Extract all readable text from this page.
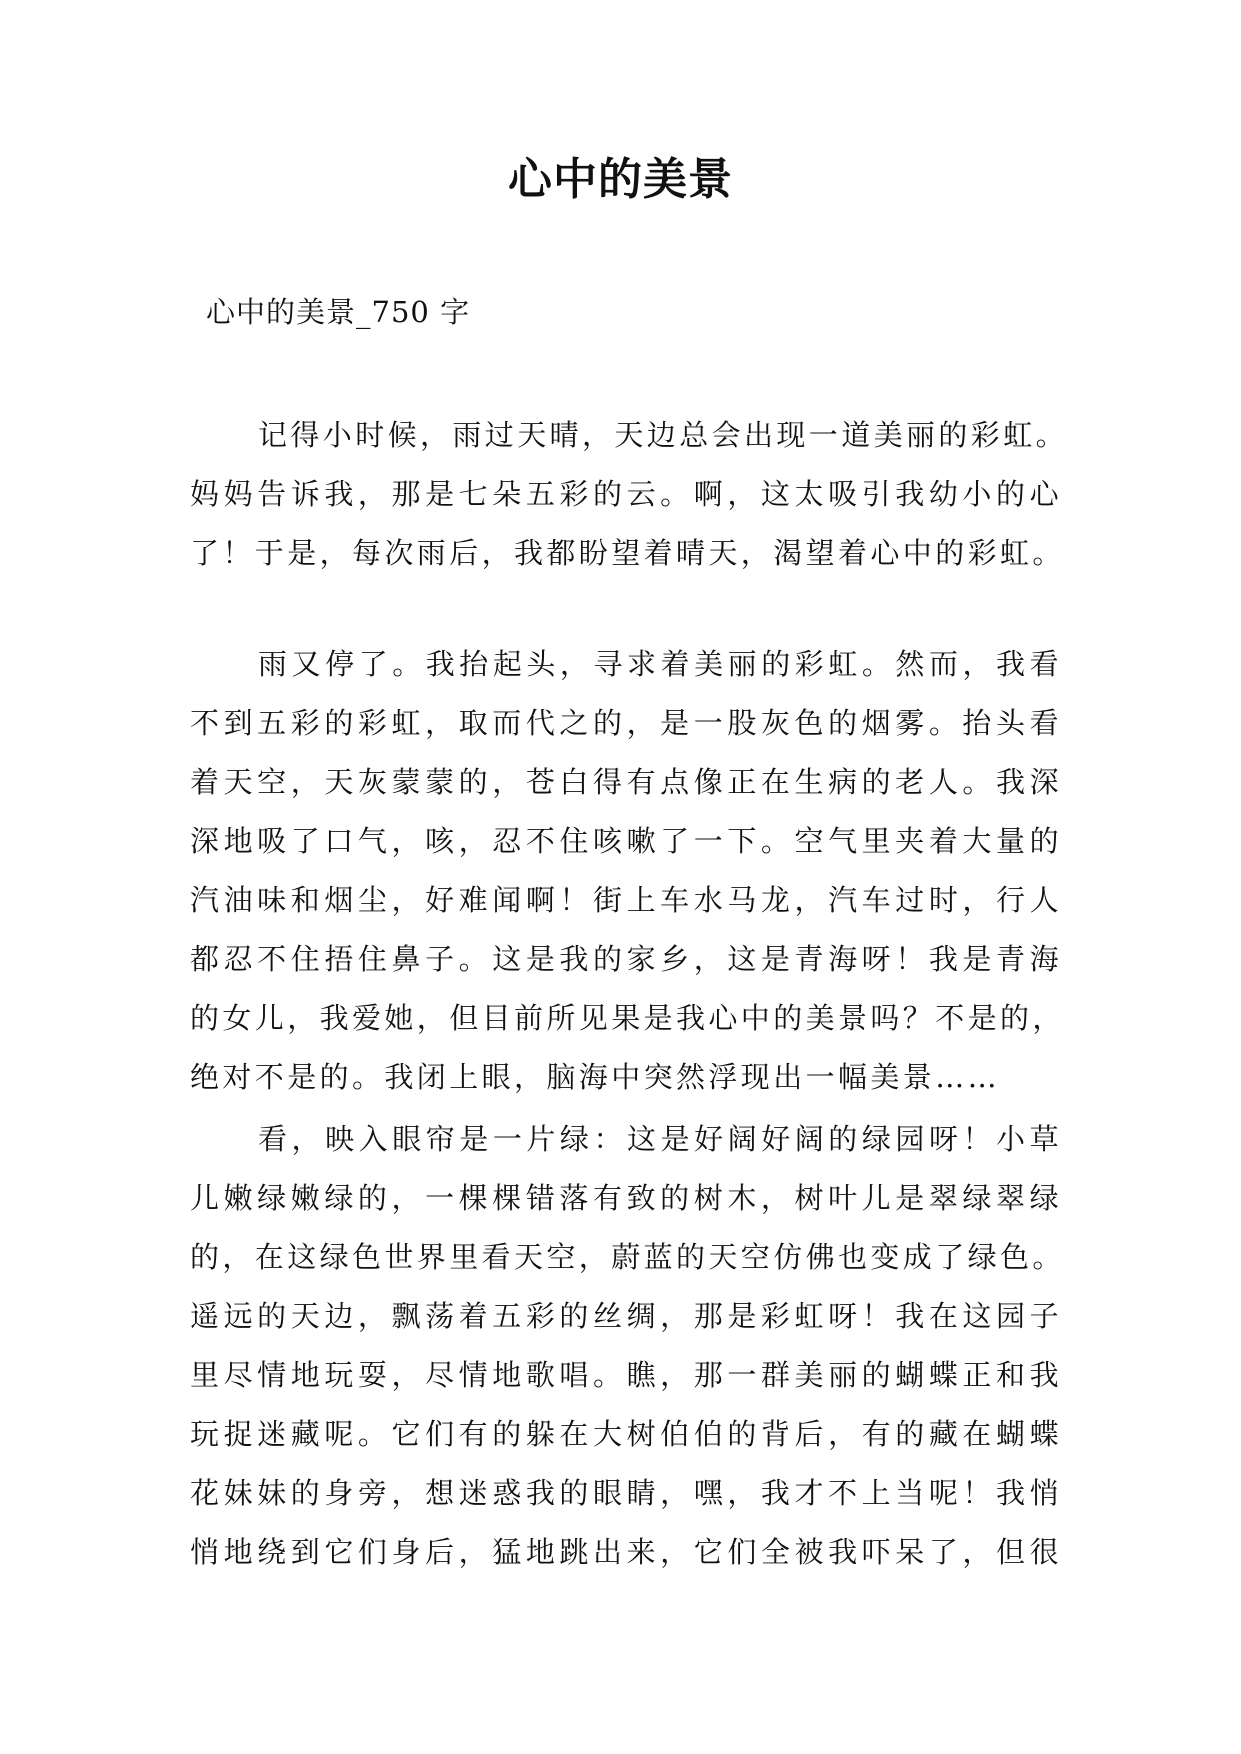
心中的美景
心中的美景_750 字
记得小时候，雨过天晴，天边总会出现一道美丽的彩虹。
妈妈告诉我，那是七朵五彩的云。啊，这太吸引我幼小的心
了！于是，每次雨后，我都盼望着晴天，渴望着心中的彩虹。
雨又停了。我抬起头，寻求着美丽的彩虹。然而，我看
不到五彩的彩虹，取而代之的，是一股灰色的烟雾。抬头看
着天空，天灰蒙蒙的，苍白得有点像正在生病的老人。我深
深地吸了口气，咳，忍不住咳嗽了一下。空气里夹着大量的
汽油味和烟尘，好难闻啊！街上车水马龙，汽车过时，行人
都忍不住捂住鼻子。这是我的家乡，这是青海呀！我是青海
的女儿，我爱她，但目前所见果是我心中的美景吗？不是的，
绝对不是的。我闭上眼，脑海中突然浮现出一幅美景……
看，映入眼帘是一片绿：这是好阔好阔的绿园呀！小草
儿嫩绿嫩绿的，一棵棵错落有致的树木，树叶儿是翠绿翠绿
的，在这绿色世界里看天空，蔚蓝的天空仿佛也变成了绿色。
遥远的天边，飘荡着五彩的丝绸，那是彩虹呀！我在这园子
里尽情地玩耍，尽情地歌唱。瞧，那一群美丽的蝴蝶正和我
玩捉迷藏呢。它们有的躲在大树伯伯的背后，有的藏在蝴蝶
花妹妹的身旁，想迷惑我的眼睛，嘿，我才不上当呢！我悄
悄地绕到它们身后，猛地跳出来，它们全被我吓呆了，但很
